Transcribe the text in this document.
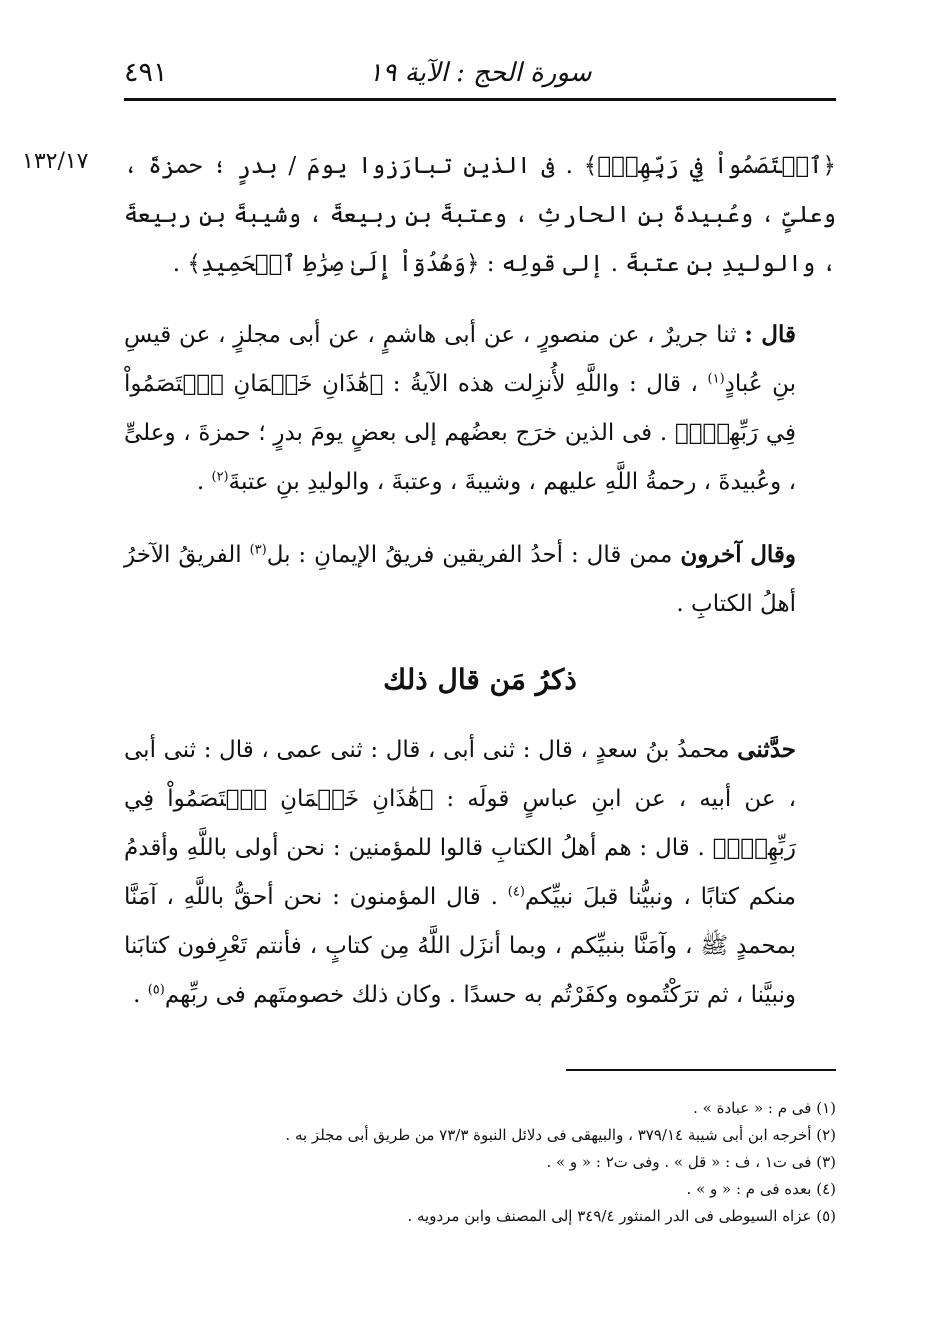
٤٩١	سورة الحج : الآية ١٩
١٣٢/١٧	﴿ٱخۡتَصَمُواْ فِي رَبِّهِمۡۖ﴾ . فى الذين تبارَزوا يومَ / بدرٍ ؛ حمزةَ ، وعلىٍّ ، وعُبيدةَ بنِ الحارثِ ، وعتبةَ بنِ ربيعةَ ، وشيبةَ بنِ ربيعةَ ، والوليدِ بنِ عتبةَ . إلى قولِه : ﴿وَهُدُوٓاْ إِلَىٰ صِرَٰطِ ٱلۡحَمِيدِ﴾ .

قال : ثنا جريرٌ ، عن منصورٍ ، عن أبى هاشمٍ ، عن أبى مجلزٍ ، عن قيسِ بنِ عُبادٍ$^{(١)}$ ، قال : واللَّهِ لأُنزِلت هذه الآيةُ : ﴿هَٰذَانِ خَصۡمَانِ ٱخۡتَصَمُواْ فِي رَبِّهِمۡۖ﴾ . فى الذين خرَج بعضُهم إلى بعضٍ يومَ بدرٍ ؛ حمزةَ ، وعلىٍّ ، وعُبيدةَ ، رحمةُ اللَّهِ عليهم ، وشيبةَ ، وعتبةَ ، والوليدِ بنِ عتبةَ$^{(٢)}$ .

وقال آخرون ممن قال : أحدُ الفريقين فريقُ الإيمانِ : بل$^{(٣)}$ الفريقُ الآخرُ أهلُ الكتابِ .

ذكرُ مَن قال ذلك

حدَّثنى محمدُ بنُ سعدٍ ، قال : ثنى أبى ، قال : ثنى عمى ، قال : ثنى أبى ، عن أبيه ، عن ابنِ عباسٍ قولَه : ﴿هَٰذَانِ خَصۡمَانِ ٱخۡتَصَمُواْ فِي رَبِّهِمۡۖ﴾ . قال : هم أهلُ الكتابِ قالوا للمؤمنين : نحن أولى باللَّهِ وأقدمُ منكم كتابًا ، ونبيُّنا قبلَ نبيِّكم$^{(٤)}$ . قال المؤمنون : نحن أحقُّ باللَّهِ ، آمَنَّا بمحمدٍ ﷺ ، وآمَنَّا بنبيِّكم ، وبما أنزَل اللَّهُ مِن كتابٍ ، فأنتم تَعْرِفون كتابَنا ونبيَّنا ، ثم ترَكْتُموه وكفَرْتُم به حسدًا . وكان ذلك خصومتَهم فى ربِّهم$^{(٥)}$ .

(١) فى م : « عبادة » .
(٢) أخرجه ابن أبى شيبة ٣٧٩/١٤ ، والبيهقى فى دلائل النبوة ٧٣/٣ من طريق أبى مجلز به .
(٣) فى ت١ ، ف : « قل » . وفى ت٢ : « و » .
(٤) بعده فى م : « و » .
(٥) عزاه السيوطى فى الدر المنثور ٣٤٩/٤ إلى المصنف وابن مردويه .
